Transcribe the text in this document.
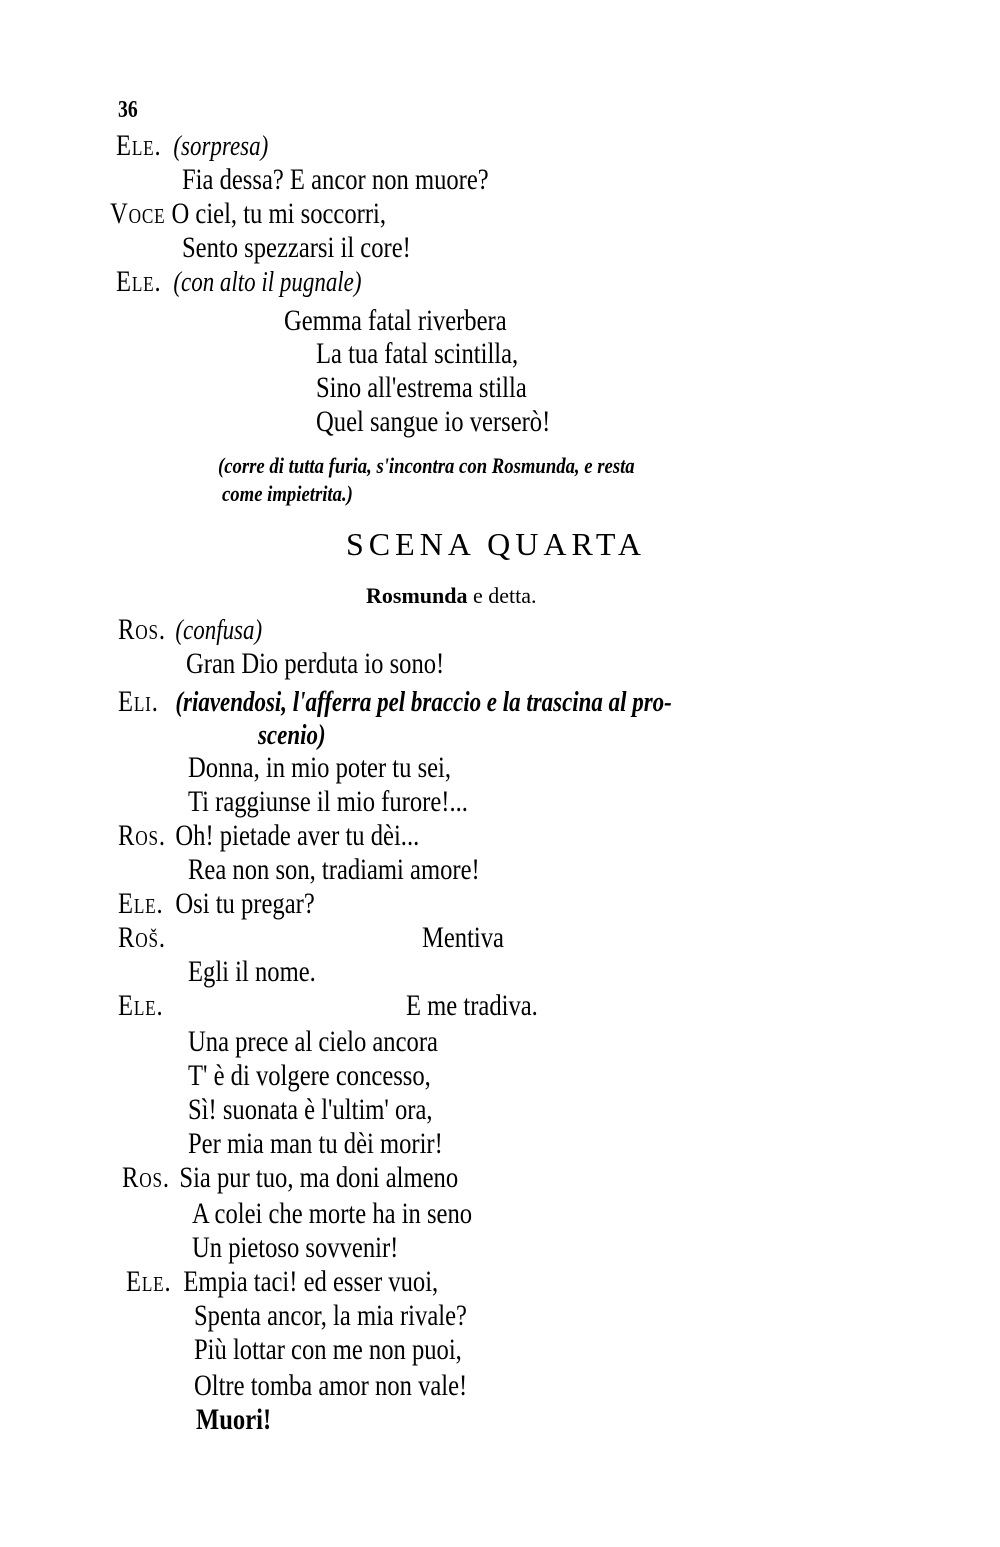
36
Ele. (sorpresa)
Fia dessa? E ancor non muore?
Voce O ciel, tu mi soccorri,
Sento spezzarsi il core!
Ele. (con alto il pugnale)
Gemma fatal riverbera
La tua fatal scintilla,
Sino all'estrema stilla
Quel sangue io verserò!
(corre di tutta furia, s'incontra con Rosmunda, e resta
come impietrita.)
SCENA QUARTA
Rosmunda e detta.
Ros. (confusa)
Gran Dio perduta io sono!
Eli. (riavendosi, l'afferra pel braccio e la trascina al pro-
scenio)
Donna, in mio poter tu sei,
Ti raggiunse il mio furore!...
Ros. Oh! pietade aver tu dèi...
Rea non son, tradiami amore!
Ele. Osi tu pregar?
Roš.	Mentiva
Egli il nome.
Ele.	E me tradiva.
Una prece al cielo ancora
T' è di volgere concesso,
Sì! suonata è l'ultim' ora,
Per mia man tu dèi morir!
Ros. Sia pur tuo, ma doni almeno
A colei che morte ha in seno
Un pietoso sovvenir!
Ele. Empia taci! ed esser vuoi,
Spenta ancor, la mia rivale?
Più lottar con me non puoi,
Oltre tomba amor non vale!
Muori!
